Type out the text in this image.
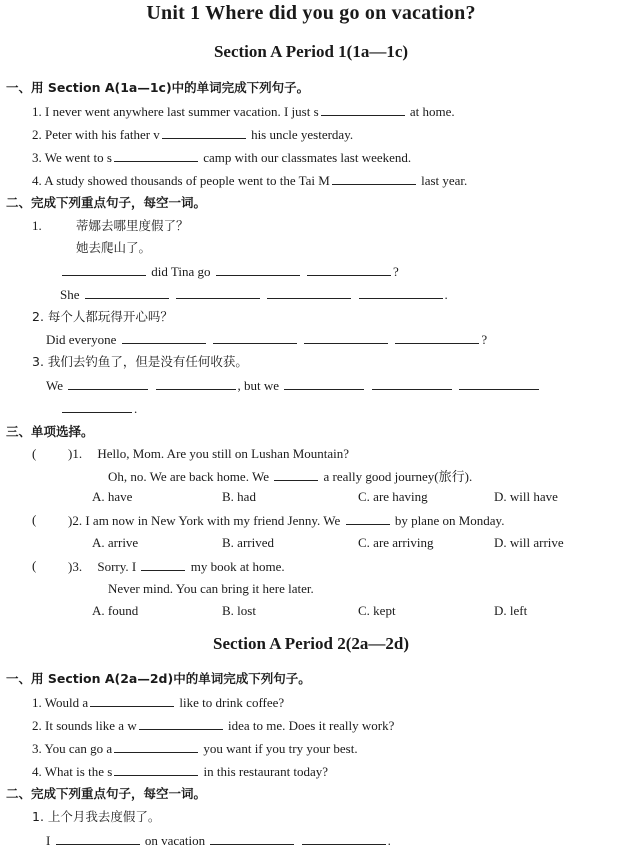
Unit 1 Where did you go on vacation?
Section A Period 1(1a—1c)
一、用 Section A(1a—1c)中的单词完成下列句子。
1. I never went anywhere last summer vacation. I just s	at home.
2. Peter with his father v	his uncle yesterday.
3. We went to s	camp with our classmates last weekend.
4. A study showed thousands of people went to the Tai M	last year.
二、完成下列重点句子，每空一词。
1.	蒂娜去哪里度假了？
她去爬山了。
did Tina go	?
She	.
2. 每个人都玩得开心吗？
Did everyone	?
3. 我们去钓鱼了，但是没有任何收获。
We	, but we
.
三、单项选择。
( )1. Hello, Mom. Are you still on Lushan Mountain?
Oh, no. We are back home. We	a really good journey(旅行).
A. have	B. had	C. are having	D. will have
( )2. I am now in New York with my friend Jenny. We	by plane on Monday.
A. arrive	B. arrived	C. are arriving	D. will arrive
( )3. Sorry. I	my book at home.
Never mind. You can bring it here later.
A. found	B. lost	C. kept	D. left
Section A Period 2(2a—2d)
一、用 Section A(2a—2d)中的单词完成下列句子。
1. Would a	like to drink coffee?
2. It sounds like a w	idea to me. Does it really work?
3. You can go a	you want if you try your best.
4. What is the s	in this restaurant today?
二、完成下列重点句子，每空一词。
1. 上个月我去度假了。
I	on vacation	.
